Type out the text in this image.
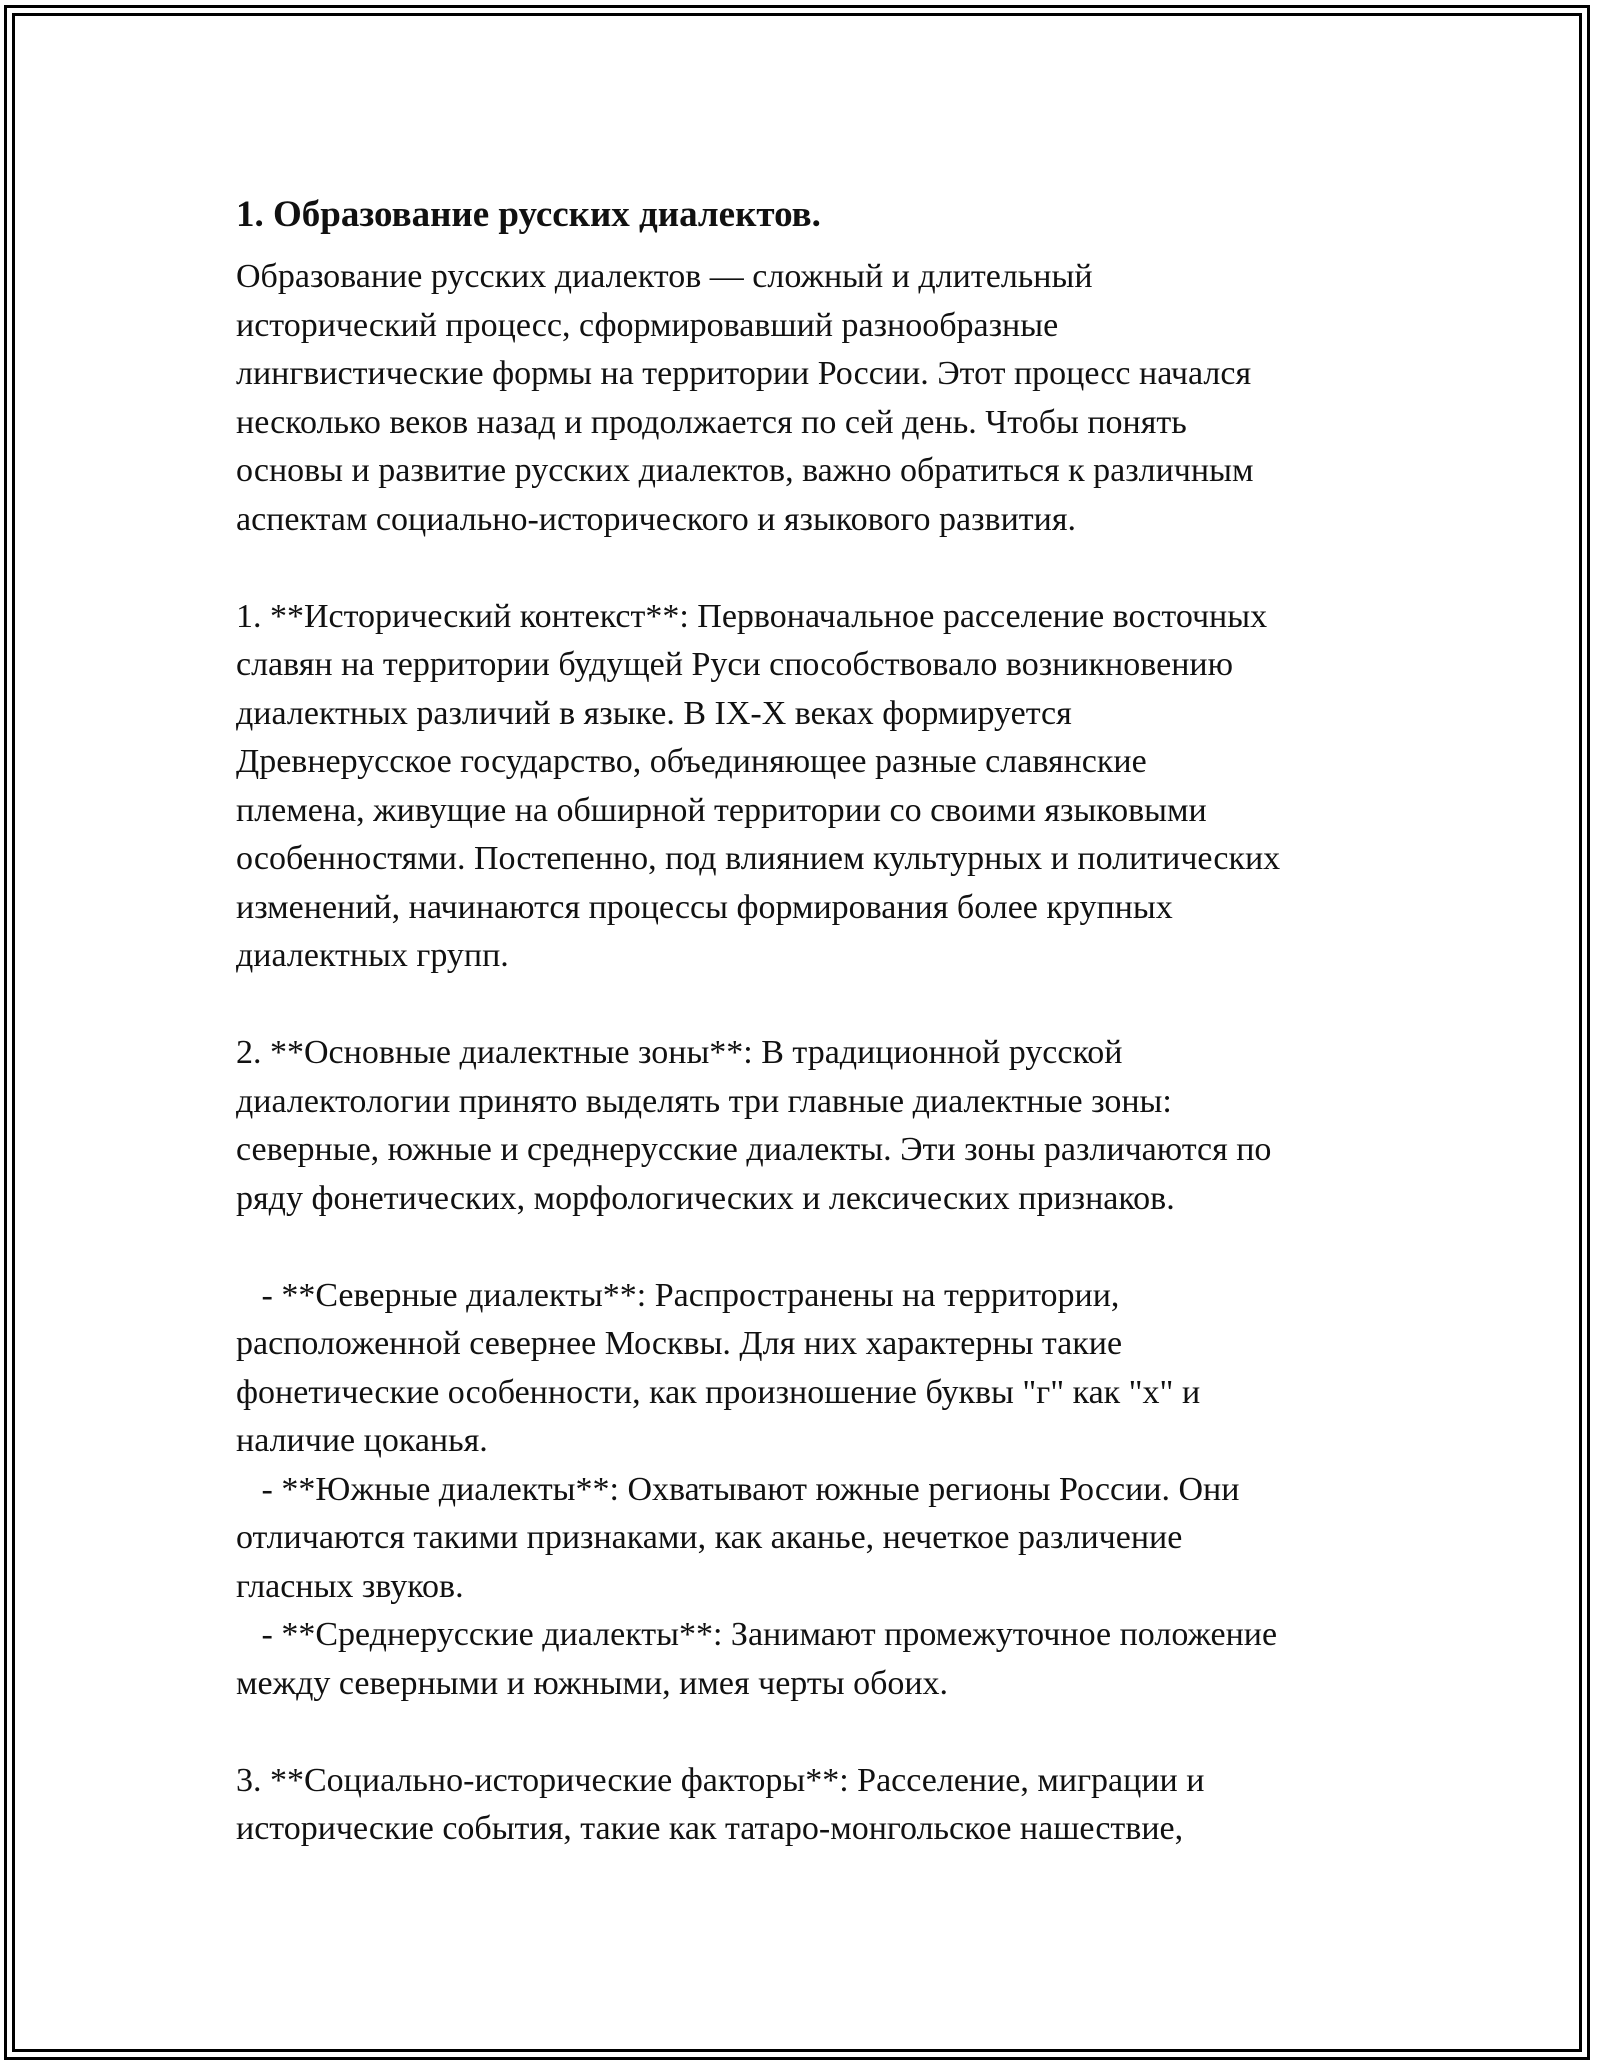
1. Образование русских диалектов.
Образование русских диалектов — сложный и длительный
исторический процесс, сформировавший разнообразные
лингвистические формы на территории России. Этот процесс начался
несколько веков назад и продолжается по сей день. Чтобы понять
основы и развитие русских диалектов, важно обратиться к различным
аспектам социально-исторического и языкового развития.
1. **Исторический контекст**: Первоначальное расселение восточных
славян на территории будущей Руси способствовало возникновению
диалектных различий в языке. В IX-X веках формируется
Древнерусское государство, объединяющее разные славянские
племена, живущие на обширной территории со своими языковыми
особенностями. Постепенно, под влиянием культурных и политических
изменений, начинаются процессы формирования более крупных
диалектных групп.
2. **Основные диалектные зоны**: В традиционной русской
диалектологии принято выделять три главные диалектные зоны:
северные, южные и среднерусские диалекты. Эти зоны различаются по
ряду фонетических, морфологических и лексических признаков.
- **Северные диалекты**: Распространены на территории,
расположенной севернее Москвы. Для них характерны такие
фонетические особенности, как произношение буквы "г" как "х" и
наличие цоканья.
- **Южные диалекты**: Охватывают южные регионы России. Они
отличаются такими признаками, как аканье, нечеткое различение
гласных звуков.
- **Среднерусские диалекты**: Занимают промежуточное положение
между северными и южными, имея черты обоих.
3. **Социально-исторические факторы**: Расселение, миграции и
исторические события, такие как татаро-монгольское нашествие,
